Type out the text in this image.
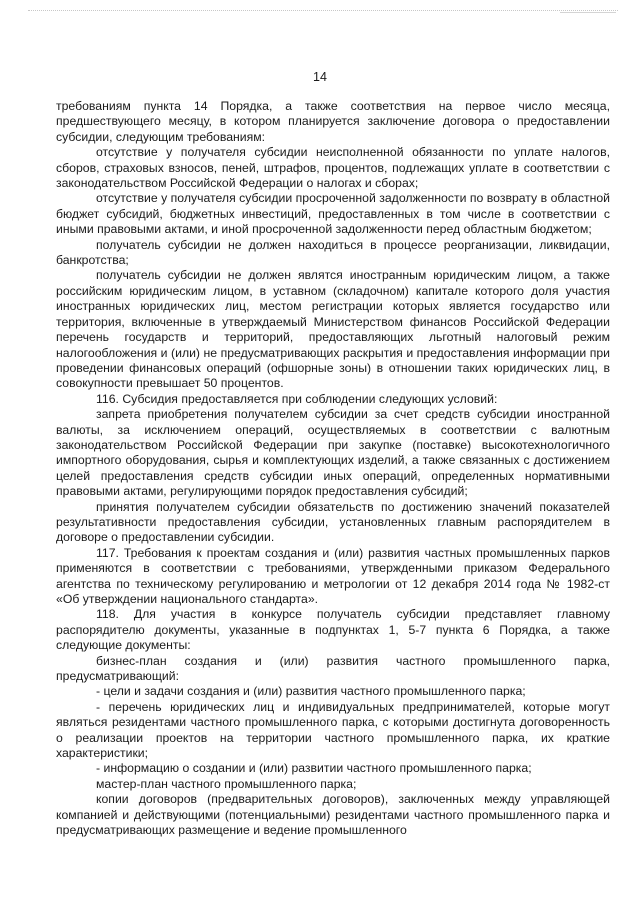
14

требованиям пункта 14 Порядка, а также соответствия на первое число месяца, предшествующего месяцу, в котором планируется заключение договора о предоставлении субсидии, следующим требованиям:

отсутствие у получателя субсидии неисполненной обязанности по уплате налогов, сборов, страховых взносов, пеней, штрафов, процентов, подлежащих уплате в соответствии с законодательством Российской Федерации о налогах и сборах;

отсутствие у получателя субсидии просроченной задолженности по возврату в областной бюджет субсидий, бюджетных инвестиций, предоставленных в том числе в соответствии с иными правовыми актами, и иной просроченной задолженности перед областным бюджетом;

получатель субсидии не должен находиться в процессе реорганизации, ликвидации, банкротства;

получатель субсидии не должен являтся иностранным юридическим лицом, а также российским юридическим лицом, в уставном (складочном) капитале которого доля участия иностранных юридических лиц, местом регистрации которых является государство или территория, включенные в утверждаемый Министерством финансов Российской Федерации перечень государств и территорий, предоставляющих льготный налоговый режим налогообложения и (или) не предусматривающих раскрытия и предоставления информации при проведении финансовых операций (офшорные зоны) в отношении таких юридических лиц, в совокупности превышает 50 процентов.

116. Субсидия предоставляется при соблюдении следующих условий:

запрета приобретения получателем субсидии за счет средств субсидии иностранной валюты, за исключением операций, осуществляемых в соответствии с валютным законодательством Российской Федерации при закупке (поставке) высокотехнологичного импортного оборудования, сырья и комплектующих изделий, а также связанных с достижением целей предоставления средств субсидии иных операций, определенных нормативными правовыми актами, регулирующими порядок предоставления субсидий;

принятия получателем субсидии обязательств по достижению значений показателей результативности предоставления субсидии, установленных главным распорядителем в договоре о предоставлении субсидии.

117. Требования к проектам создания и (или) развития частных промышленных парков применяются в соответствии с требованиями, утвержденными приказом Федерального агентства по техническому регулированию и метрологии от 12 декабря 2014 года № 1982-ст «Об утверждении национального стандарта».

118. Для участия в конкурсе получатель субсидии представляет главному распорядителю документы, указанные в подпунктах 1, 5-7 пункта 6 Порядка, а также следующие документы:

бизнес-план создания и (или) развития частного промышленного парка, предусматривающий:

- цели и задачи создания и (или) развития частного промышленного парка;

- перечень юридических лиц и индивидуальных предпринимателей, которые могут являться резидентами частного промышленного парка, с которыми достигнута договоренность о реализации проектов на территории частного промышленного парка, их краткие характеристики;

- информацию о создании и (или) развитии частного промышленного парка;

мастер-план частного промышленного парка;

копии договоров (предварительных договоров), заключенных между управляющей компанией и действующими (потенциальными) резидентами частного промышленного парка и предусматривающих размещение и ведение промышленного
